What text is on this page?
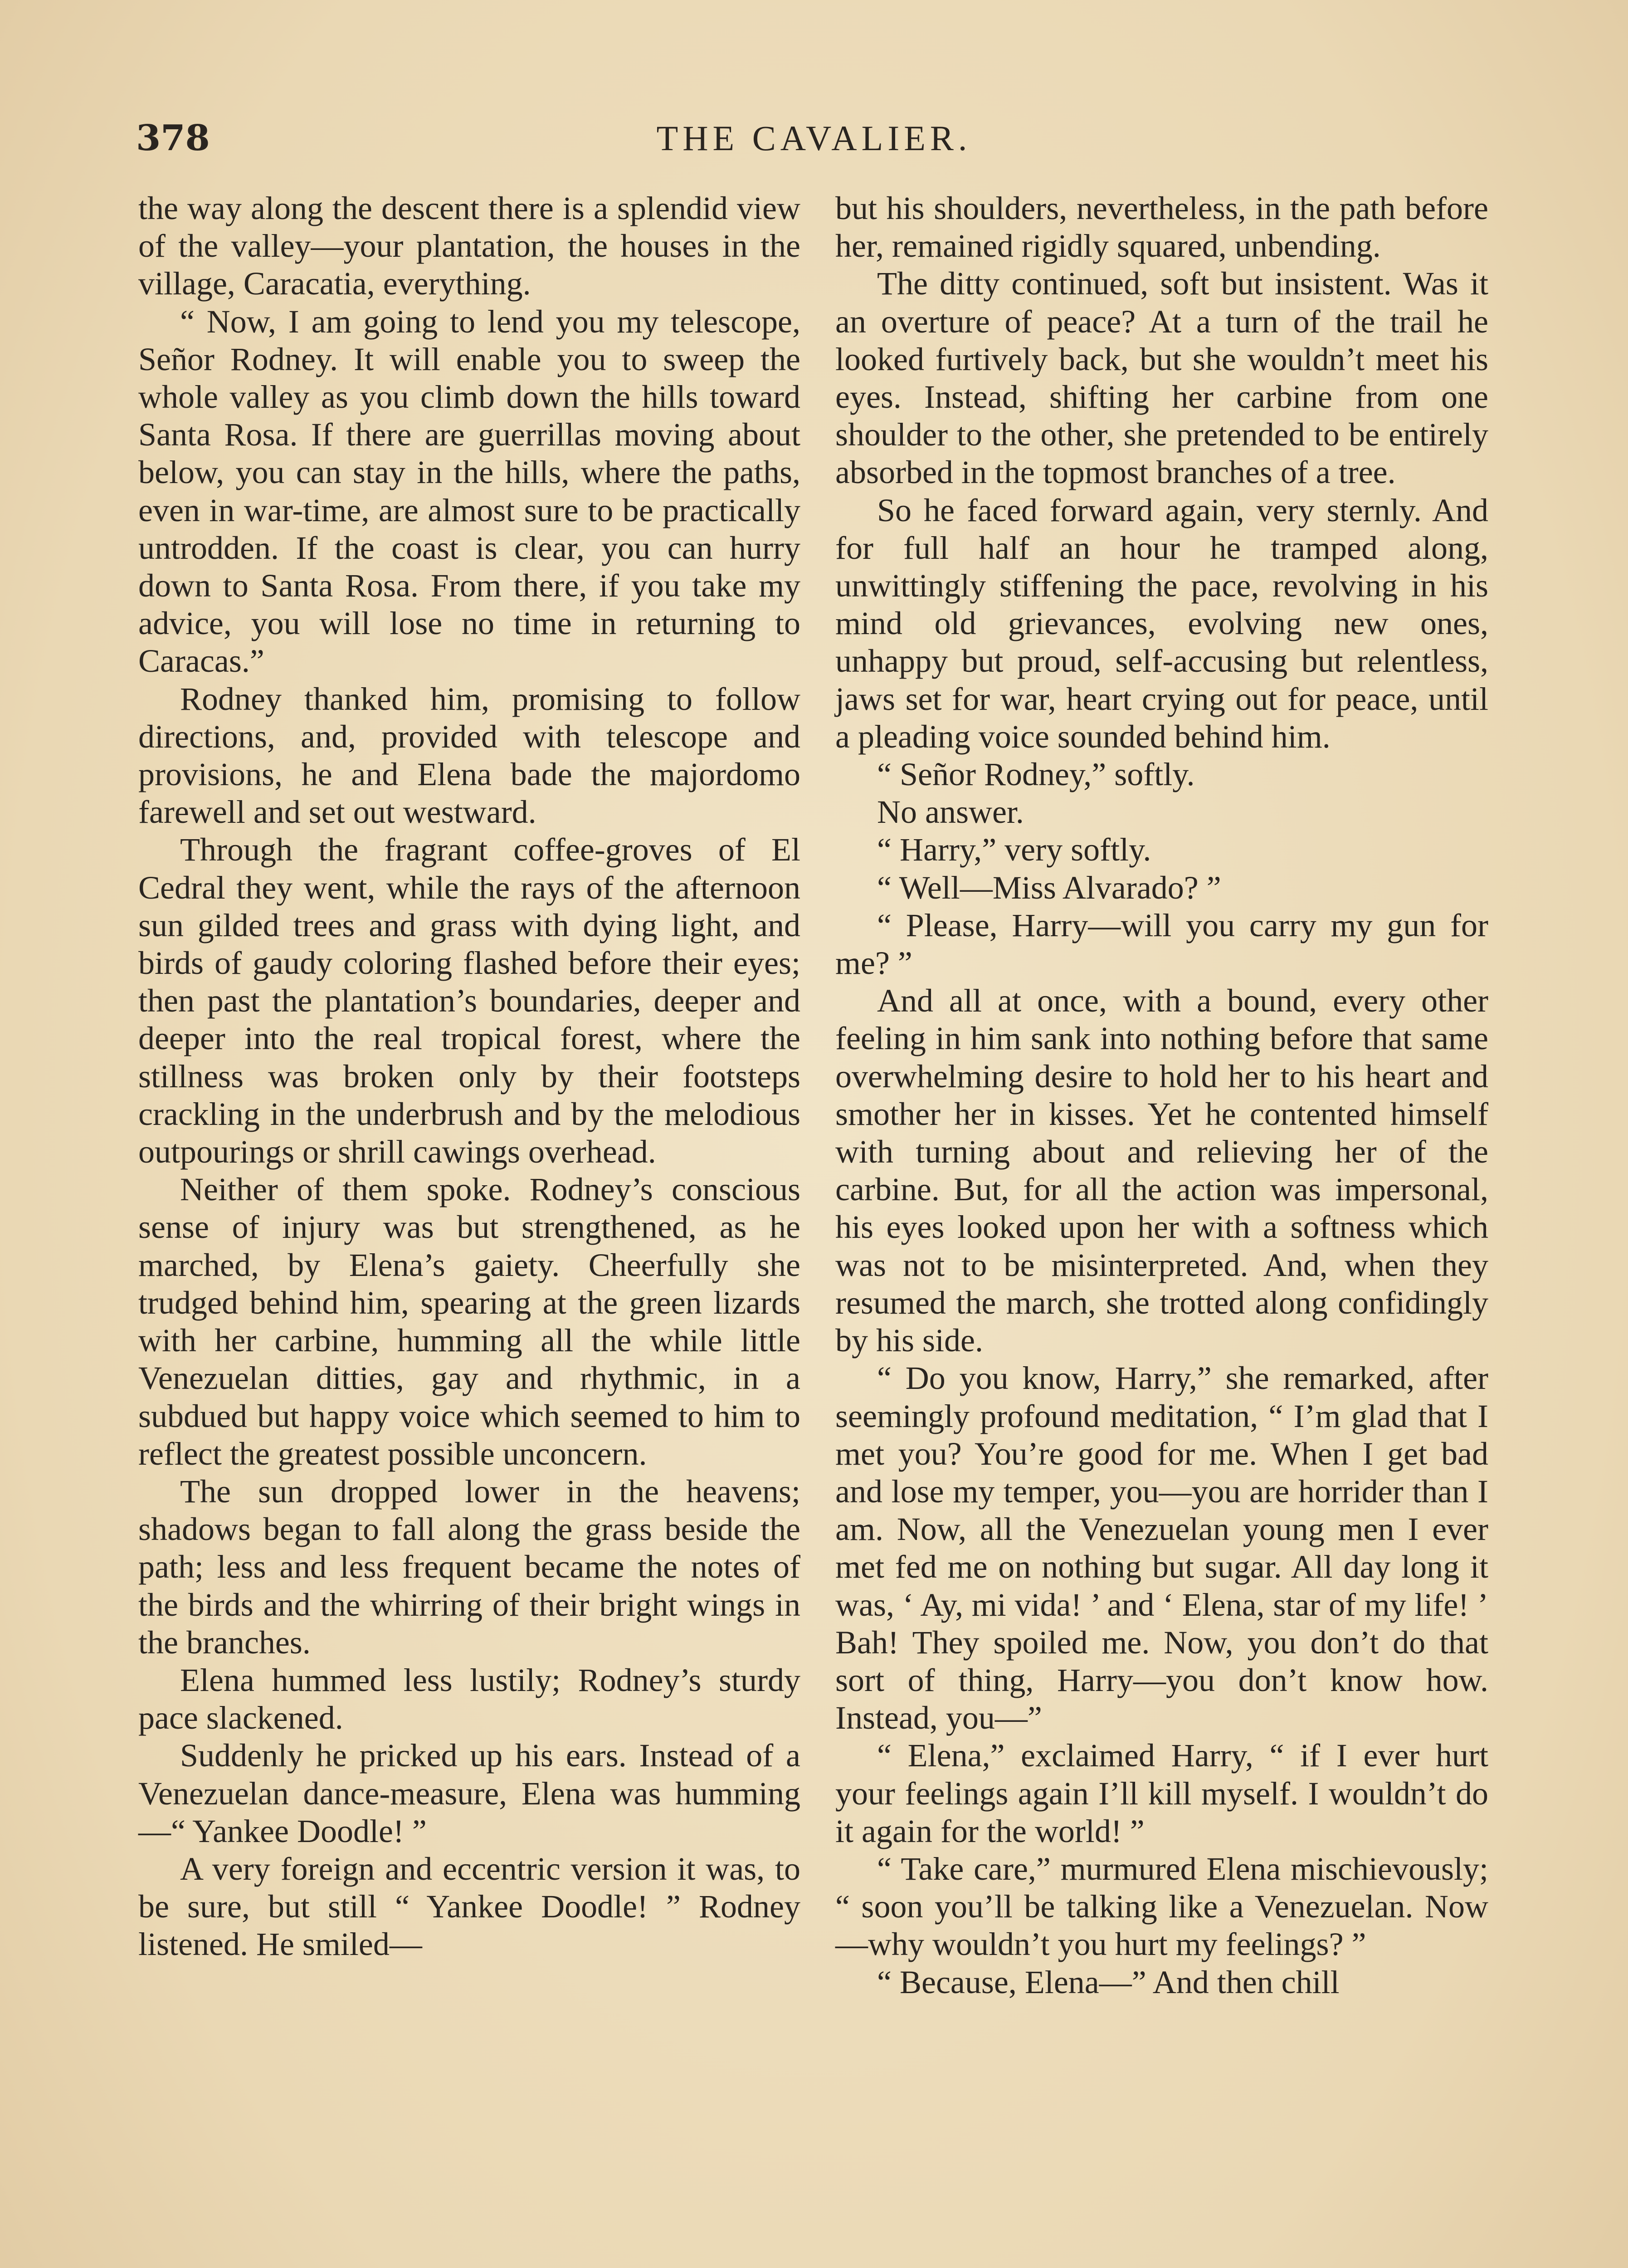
378	THE CAVALIER.

the way along the descent there is a splendid view of the valley—your plantation, the houses in the village, Caracatia, everything.

“ Now, I am going to lend you my telescope, Señor Rodney. It will enable you to sweep the whole valley as you climb down the hills toward Santa Rosa. If there are guerrillas moving about below, you can stay in the hills, where the paths, even in war-time, are almost sure to be practically untrodden. If the coast is clear, you can hurry down to Santa Rosa. From there, if you take my advice, you will lose no time in returning to Caracas.”

Rodney thanked him, promising to follow directions, and, provided with telescope and provisions, he and Elena bade the majordomo farewell and set out westward.

Through the fragrant coffee-groves of El Cedral they went, while the rays of the afternoon sun gilded trees and grass with dying light, and birds of gaudy coloring flashed before their eyes; then past the plantation’s boundaries, deeper and deeper into the real tropical forest, where the stillness was broken only by their footsteps crackling in the underbrush and by the melodious outpourings or shrill cawings overhead.

Neither of them spoke. Rodney’s conscious sense of injury was but strengthened, as he marched, by Elena’s gaiety. Cheerfully she trudged behind him, spearing at the green lizards with her carbine, humming all the while little Venezuelan ditties, gay and rhythmic, in a subdued but happy voice which seemed to him to reflect the greatest possible unconcern.

The sun dropped lower in the heavens; shadows began to fall along the grass beside the path; less and less frequent became the notes of the birds and the whirring of their bright wings in the branches.

Elena hummed less lustily; Rodney’s sturdy pace slackened.

Suddenly he pricked up his ears. Instead of a Venezuelan dance-measure, Elena was humming—“ Yankee Doodle! ”

A very foreign and eccentric version it was, to be sure, but still “ Yankee Doodle! ” Rodney listened. He smiled—

but his shoulders, nevertheless, in the path before her, remained rigidly squared, unbending.

The ditty continued, soft but insistent. Was it an overture of peace? At a turn of the trail he looked furtively back, but she wouldn’t meet his eyes. Instead, shifting her carbine from one shoulder to the other, she pretended to be entirely absorbed in the topmost branches of a tree.

So he faced forward again, very sternly. And for full half an hour he tramped along, unwittingly stiffening the pace, revolving in his mind old grievances, evolving new ones, unhappy but proud, self-accusing but relentless, jaws set for war, heart crying out for peace, until a pleading voice sounded behind him.

“ Señor Rodney,” softly.

No answer.

“ Harry,” very softly.

“ Well—Miss Alvarado? ”

“ Please, Harry—will you carry my gun for me? ”

And all at once, with a bound, every other feeling in him sank into nothing before that same overwhelming desire to hold her to his heart and smother her in kisses. Yet he contented himself with turning about and relieving her of the carbine. But, for all the action was impersonal, his eyes looked upon her with a softness which was not to be misinterpreted. And, when they resumed the march, she trotted along confidingly by his side.

“ Do you know, Harry,” she remarked, after seemingly profound meditation, “ I’m glad that I met you? You’re good for me. When I get bad and lose my temper, you—you are horrider than I am. Now, all the Venezuelan young men I ever met fed me on nothing but sugar. All day long it was, ‘ Ay, mi vida! ’ and ‘ Elena, star of my life! ’ Bah! They spoiled me. Now, you don’t do that sort of thing, Harry—you don’t know how. Instead, you—”

“ Elena,” exclaimed Harry, “ if I ever hurt your feelings again I’ll kill myself. I wouldn’t do it again for the world! ”

“ Take care,” murmured Elena mischievously; “ soon you’ll be talking like a Venezuelan. Now—why wouldn’t you hurt my feelings? ”

“ Because, Elena—” And then chill
